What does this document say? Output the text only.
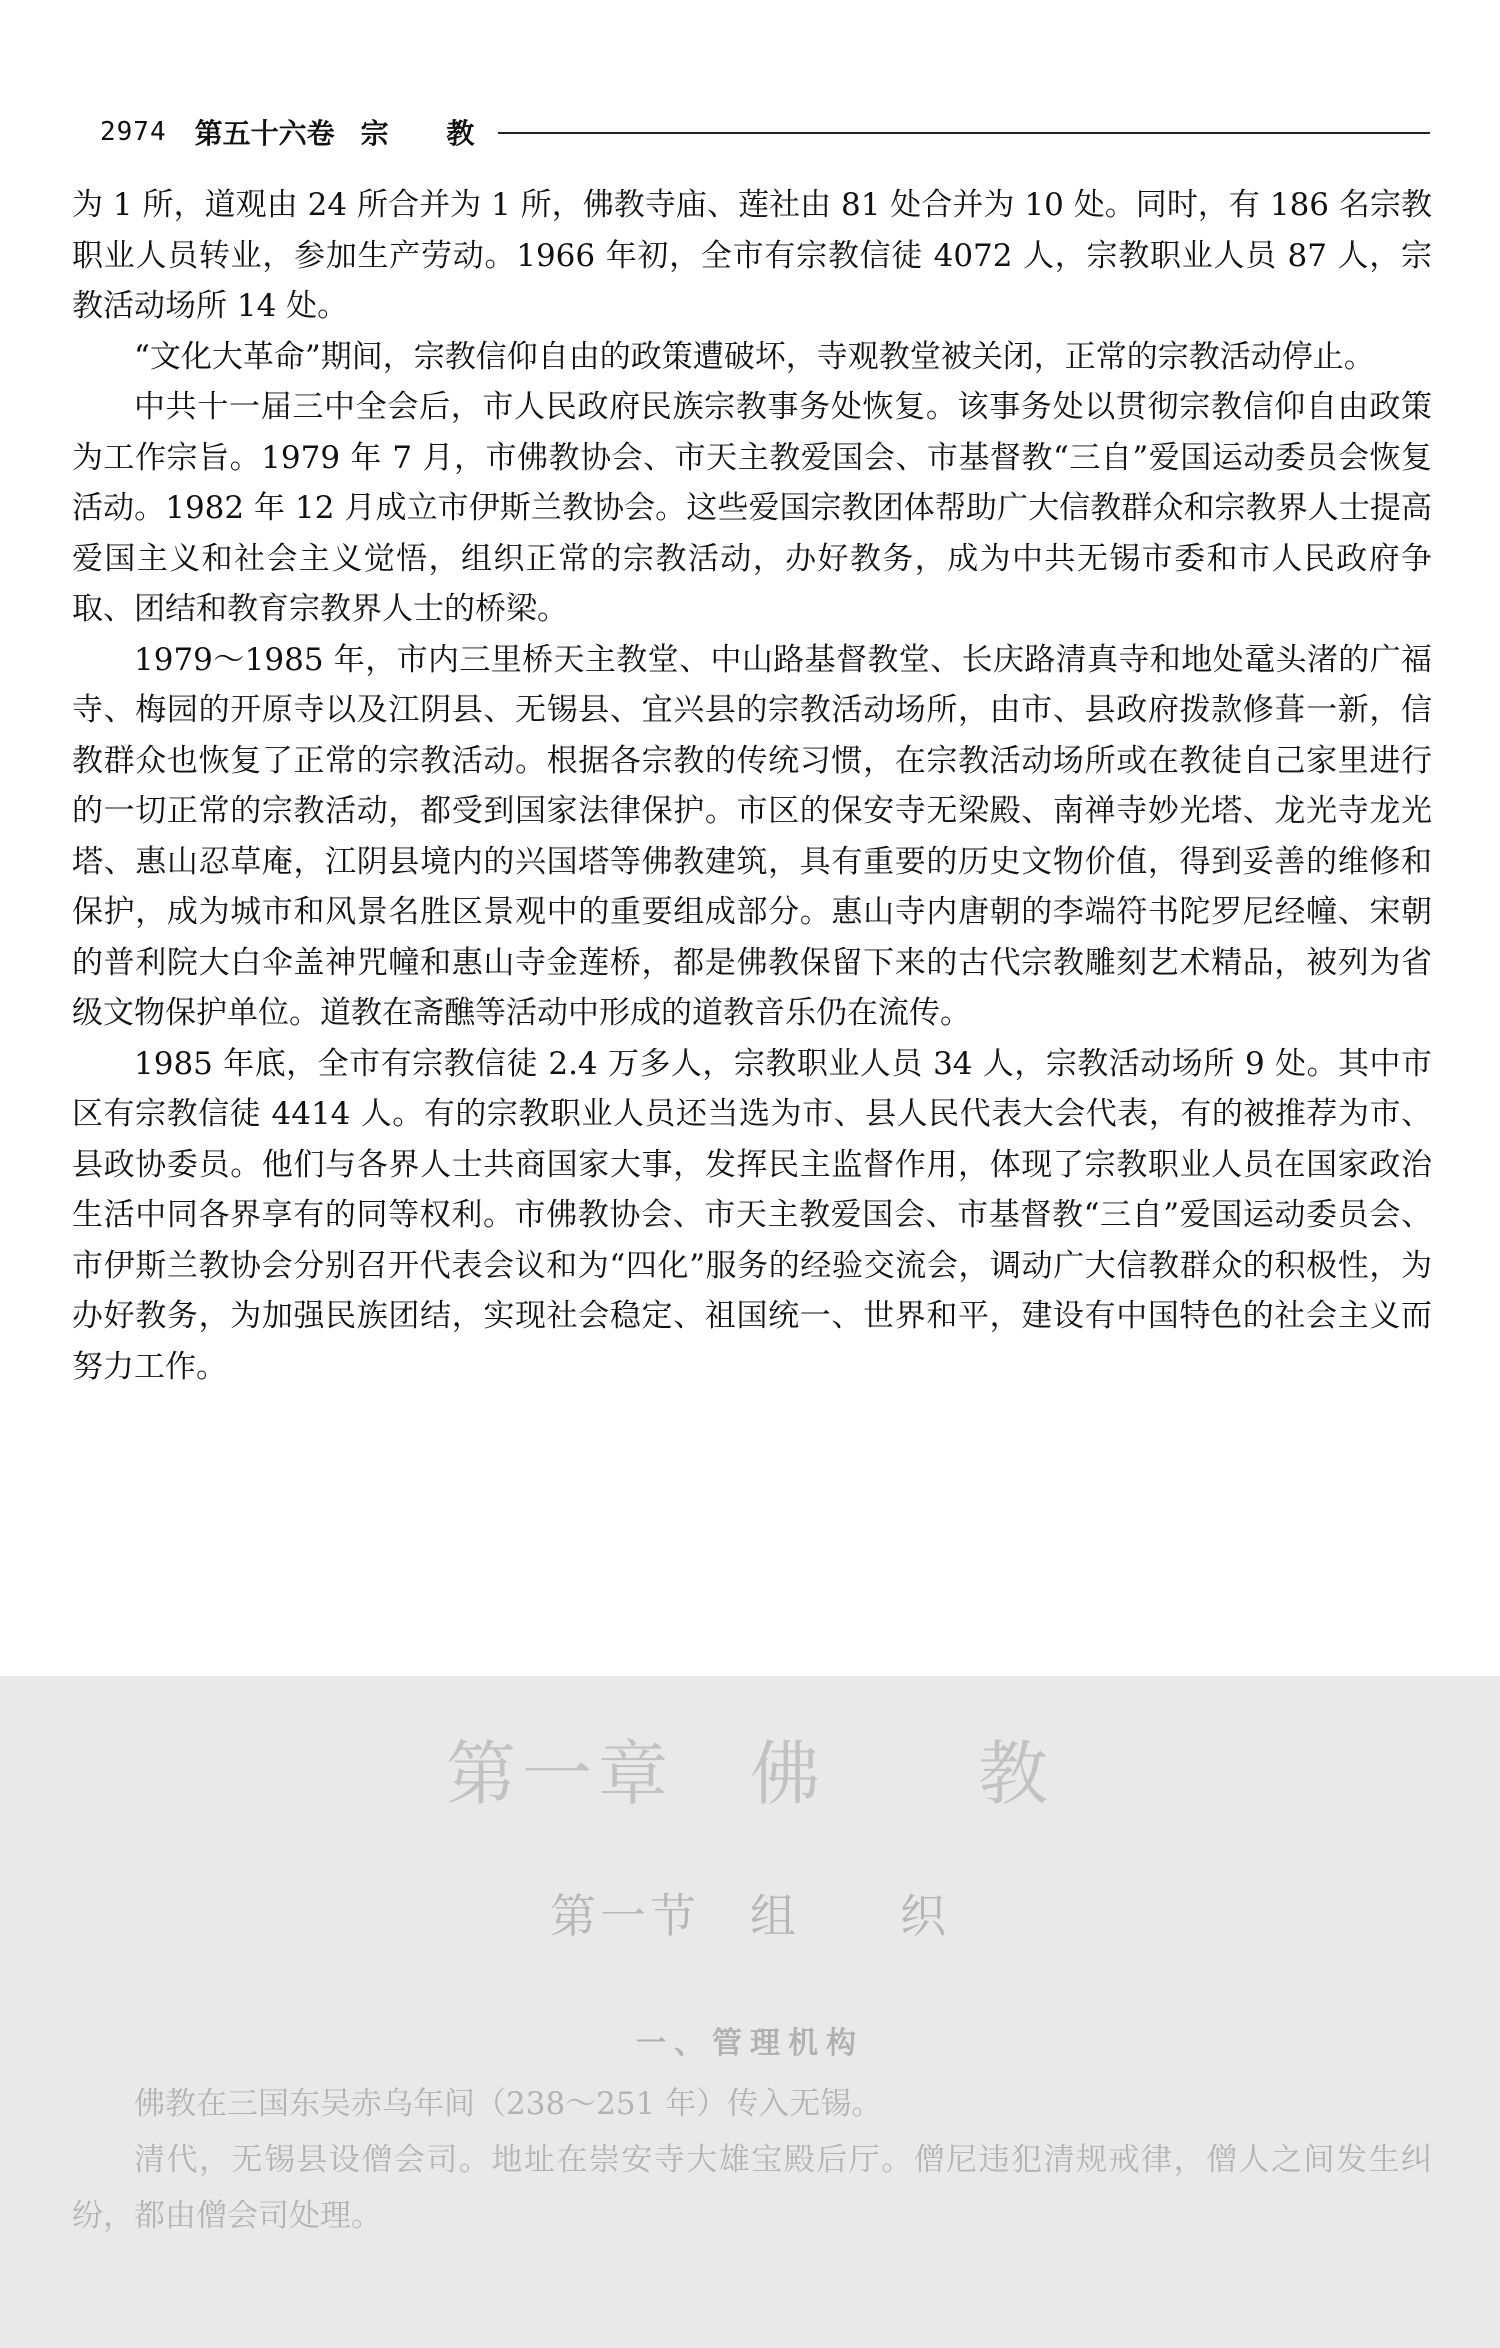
2974 第五十六卷 宗 教

为 1 所，道观由 24 所合并为 1 所，佛教寺庙、莲社由 81 处合并为 10 处。同时，有 186 名宗教职业人员转业，参加生产劳动。1966 年初，全市有宗教信徒 4072 人，宗教职业人员 87 人，宗教活动场所 14 处。

“文化大革命”期间，宗教信仰自由的政策遭破坏，寺观教堂被关闭，正常的宗教活动停止。

中共十一届三中全会后，市人民政府民族宗教事务处恢复。该事务处以贯彻宗教信仰自由政策为工作宗旨。1979 年 7 月，市佛教协会、市天主教爱国会、市基督教“三自”爱国运动委员会恢复活动。1982 年 12 月成立市伊斯兰教协会。这些爱国宗教团体帮助广大信教群众和宗教界人士提高爱国主义和社会主义觉悟，组织正常的宗教活动，办好教务，成为中共无锡市委和市人民政府争取、团结和教育宗教界人士的桥梁。

1979～1985 年，市内三里桥天主教堂、中山路基督教堂、长庆路清真寺和地处鼋头渚的广福寺、梅园的开原寺以及江阴县、无锡县、宜兴县的宗教活动场所，由市、县政府拨款修葺一新，信教群众也恢复了正常的宗教活动。根据各宗教的传统习惯，在宗教活动场所或在教徒自己家里进行的一切正常的宗教活动，都受到国家法律保护。市区的保安寺无梁殿、南禅寺妙光塔、龙光寺龙光塔、惠山忍草庵，江阴县境内的兴国塔等佛教建筑，具有重要的历史文物价值，得到妥善的维修和保护，成为城市和风景名胜区景观中的重要组成部分。惠山寺内唐朝的李端符书陀罗尼经幢、宋朝的普利院大白伞盖神咒幢和惠山寺金莲桥，都是佛教保留下来的古代宗教雕刻艺术精品，被列为省级文物保护单位。道教在斋醮等活动中形成的道教音乐仍在流传。

1985 年底，全市有宗教信徒 2.4 万多人，宗教职业人员 34 人，宗教活动场所 9 处。其中市区有宗教信徒 4414 人。有的宗教职业人员还当选为市、县人民代表大会代表，有的被推荐为市、县政协委员。他们与各界人士共商国家大事，发挥民主监督作用，体现了宗教职业人员在国家政治生活中同各界享有的同等权利。市佛教协会、市天主教爱国会、市基督教“三自”爱国运动委员会、市伊斯兰教协会分别召开代表会议和为“四化”服务的经验交流会，调动广大信教群众的积极性，为办好教务，为加强民族团结，实现社会稳定、祖国统一、世界和平，建设有中国特色的社会主义而努力工作。

第一章　佛　　教
第一节　组　　织
一、管理机构

佛教在三国东吴赤乌年间（238～251 年）传入无锡。

清代，无锡县设僧会司。地址在崇安寺大雄宝殿后厅。僧尼违犯清规戒律，僧人之间发生纠纷，都由僧会司处理。
